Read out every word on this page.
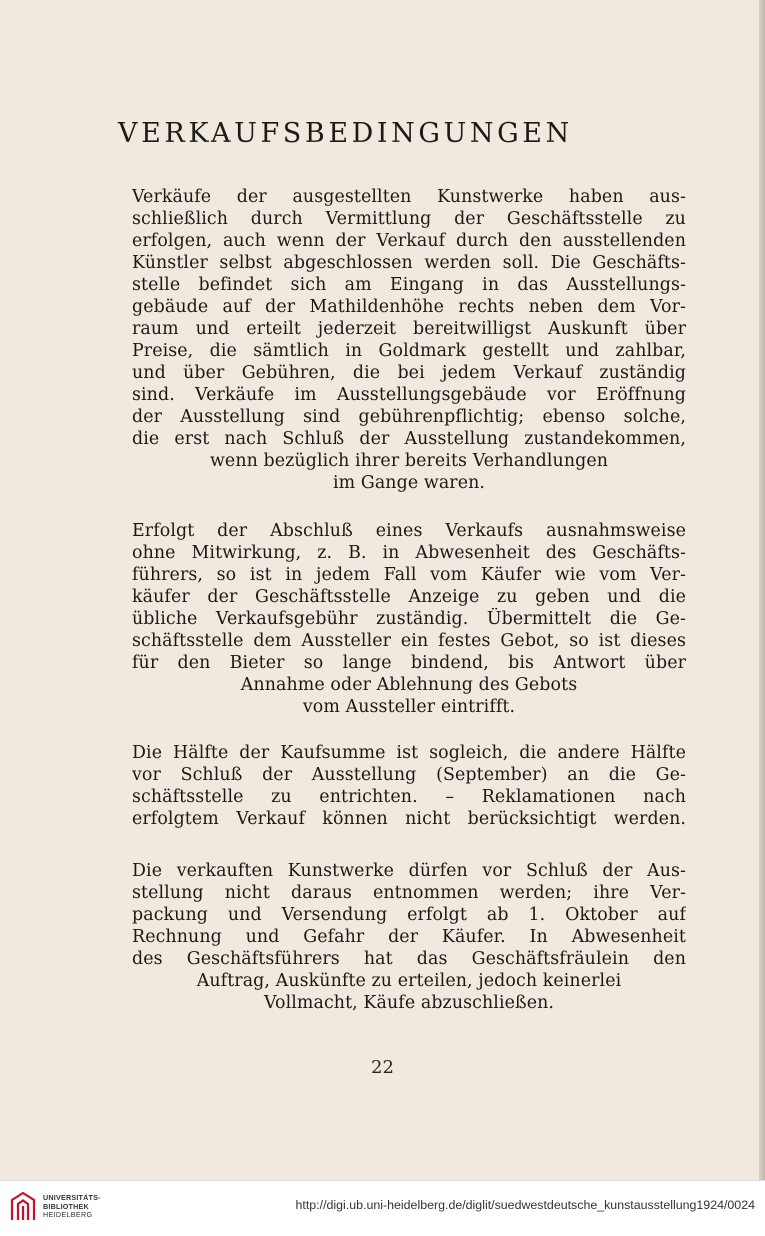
VERKAUFSBEDINGUNGEN
Verkäufe der ausgestellten Kunstwerke haben aus-
schließlich durch Vermittlung der Geschäftsstelle zu
erfolgen, auch wenn der Verkauf durch den ausstellenden
Künstler selbst abgeschlossen werden soll. Die Geschäfts-
stelle befindet sich am Eingang in das Ausstellungs-
gebäude auf der Mathildenhöhe rechts neben dem Vor-
raum und erteilt jederzeit bereitwilligst Auskunft über
Preise, die sämtlich in Goldmark gestellt und zahlbar,
und über Gebühren, die bei jedem Verkauf zuständig
sind. Verkäufe im Ausstellungsgebäude vor Eröffnung
der Ausstellung sind gebührenpflichtig; ebenso solche,
die erst nach Schluß der Ausstellung zustandekommen,
wenn bezüglich ihrer bereits Verhandlungen
im Gange waren.
Erfolgt der Abschluß eines Verkaufs ausnahmsweise
ohne Mitwirkung, z. B. in Abwesenheit des Geschäfts-
führers, so ist in jedem Fall vom Käufer wie vom Ver-
käufer der Geschäftsstelle Anzeige zu geben und die
übliche Verkaufsgebühr zuständig. Übermittelt die Ge-
schäftsstelle dem Aussteller ein festes Gebot, so ist dieses
für den Bieter so lange bindend, bis Antwort über
Annahme oder Ablehnung des Gebots
vom Aussteller eintrifft.
Die Hälfte der Kaufsumme ist sogleich, die andere Hälfte
vor Schluß der Ausstellung (September) an die Ge-
schäftsstelle zu entrichten. – Reklamationen nach
erfolgtem Verkauf können nicht berücksichtigt werden.
Die verkauften Kunstwerke dürfen vor Schluß der Aus-
stellung nicht daraus entnommen werden; ihre Ver-
packung und Versendung erfolgt ab 1. Oktober auf
Rechnung und Gefahr der Käufer. In Abwesenheit
des Geschäftsführers hat das Geschäftsfräulein den
Auftrag, Auskünfte zu erteilen, jedoch keinerlei
Vollmacht, Käufe abzuschließen.
22
UNIVERSITÄTS-
BIBLIOTHEK
HEIDELBERG
http://digi.ub.uni-heidelberg.de/diglit/suedwestdeutsche_kunstausstellung1924/0024
